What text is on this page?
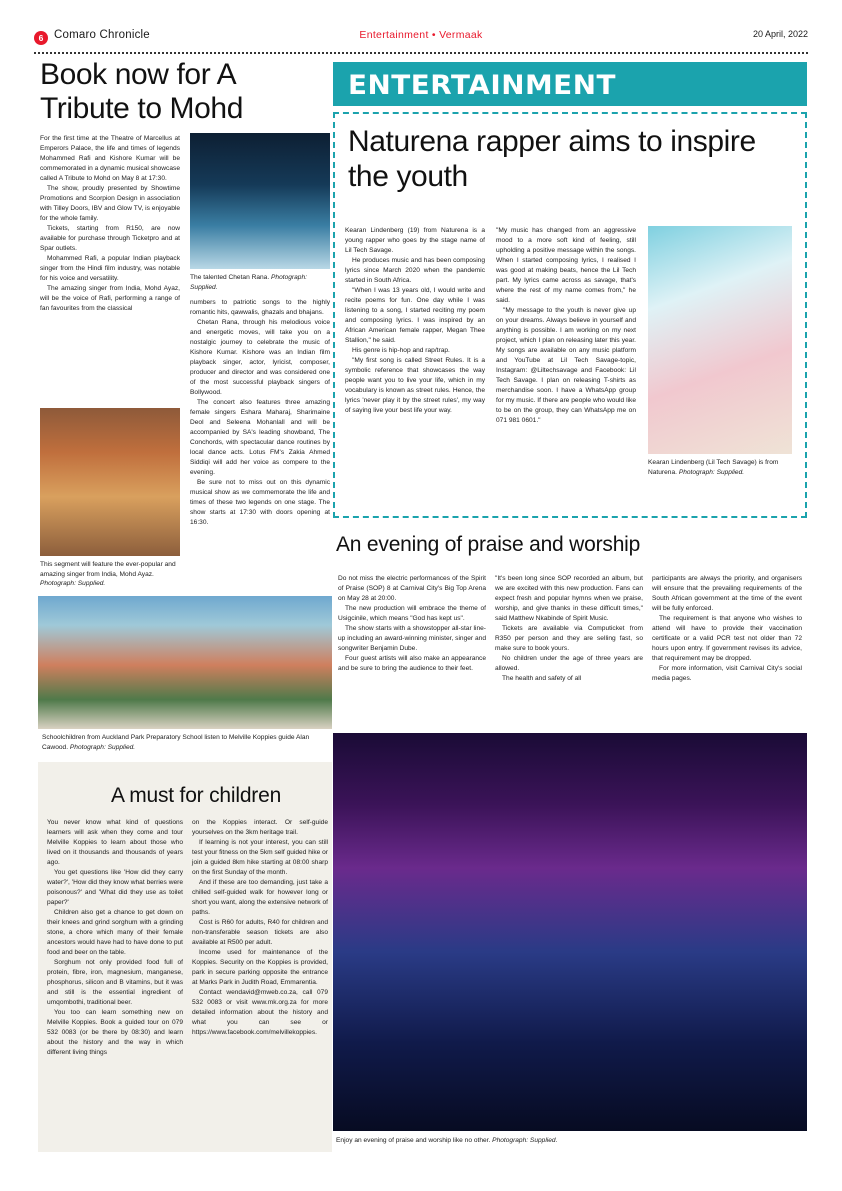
6 Comaro Chronicle	Entertainment • Vermaak	20 April, 2022
Book now for A Tribute to Mohd

For the first time at the Theatre of Marcellus at Emperors Palace, the life and times of legends Mohammed Rafi and Kishore Kumar will be commemorated in a dynamic musical showcase called A Tribute to Mohd on May 8 at 17:30.

The show, proudly presented by Showtime Promotions and Scorpion Design in association with Tilley Doors, IBV and Glow TV, is enjoyable for the whole family.

Tickets, starting from R150, are now available for purchase through Ticketpro and at Spar outlets.

Mohammed Rafi, a popular Indian playback singer from the Hindi film industry, was notable for his voice and versatility.

The amazing singer from India, Mohd Ayaz, will be the voice of Rafi, performing a range of fan favourites from the classical

The talented Chetan Rana. Photograph: Supplied.

numbers to patriotic songs to the highly romantic hits, qawwalis, ghazals and bhajans.

Chetan Rana, through his melodious voice and energetic moves, will take you on a nostalgic journey to celebrate the music of Kishore Kumar. Kishore was an Indian film playback singer, actor, lyricist, composer, producer and director and was considered one of the most successful playback singers of Bollywood.

The concert also features three amazing female singers Eshara Maharaj, Sharimaine Deol and Seleena Mohanlall and will be accompanied by SA's leading showband, The Conchords, with spectacular dance routines by local dance acts. Lotus FM's Zakia Ahmed Siddiqi will add her voice as compere to the evening.

Be sure not to miss out on this dynamic musical show as we commemorate the life and times of these two legends on one stage. The show starts at 17:30 with doors opening at 16:30.

This segment will feature the ever-popular and amazing singer from India, Mohd Ayaz. Photograph: Supplied.
ENTERTAINMENT
Naturena rapper aims to inspire the youth

Kearan Lindenberg (19) from Naturena is a young rapper who goes by the stage name of Lil Tech Savage.

He produces music and has been composing lyrics since March 2020 when the pandemic started in South Africa.

"When I was 13 years old, I would write and recite poems for fun. One day while I was listening to a song, I started reciting my poem and composing lyrics. I was inspired by an African American female rapper, Megan Thee Stallion," he said.

His genre is hip-hop and rap/trap.

"My first song is called Street Rules. It is a symbolic reference that showcases the way people want you to live your life, which in my vocabulary is known as street rules. Hence, the lyrics 'never play it by the street rules', my way of saying live your best life your way.

"My music has changed from an aggressive mood to a more soft kind of feeling, still upholding a positive message within the songs. When I started composing lyrics, I realised I was good at making beats, hence the Lil Tech part. My lyrics came across as savage, that's where the rest of my name comes from," he said.

"My message to the youth is never give up on your dreams. Always believe in yourself and anything is possible. I am working on my next project, which I plan on releasing later this year. My songs are available on any music platform and YouTube at Lil Tech Savage-topic, Instagram: @Liltechsavage and Facebook: Lil Tech Savage. I plan on releasing T-shirts as merchandise soon. I have a WhatsApp group for my music. If there are people who would like to be on the group, they can WhatsApp me on 071 981 0601."

Kearan Lindenberg (Lil Tech Savage) is from Naturena. Photograph: Supplied.
An evening of praise and worship

Do not miss the electric performances of the Spirit of Praise (SOP) 8 at Carnival City's Big Top Arena on May 28 at 20:00.

The new production will embrace the theme of Usigcinile, which means "God has kept us".

The show starts with a showstopper all-star line-up including an award-winning minister, singer and songwriter Benjamin Dube.

Four guest artists will also make an appearance and be sure to bring the audience to their feet.

"It's been long since SOP recorded an album, but we are excited with this new production. Fans can expect fresh and popular hymns when we praise, worship, and give thanks in these difficult times," said Matthew Nkabinde of Spirit Music.

Tickets are available via Computicket from R350 per person and they are selling fast, so make sure to book yours.

No children under the age of three years are allowed.

The health and safety of all

participants are always the priority, and organisers will ensure that the prevailing requirements of the South African government at the time of the event will be fully enforced.

The requirement is that anyone who wishes to attend will have to provide their vaccination certificate or a valid PCR test not older than 72 hours upon entry. If government revises its advice, that requirement may be dropped.

For more information, visit Carnival City's social media pages.

Enjoy an evening of praise and worship like no other. Photograph: Supplied.
Schoolchildren from Auckland Park Preparatory School listen to Melville Koppies guide Alan Cawood. Photograph: Supplied.
A must for children

You never know what kind of questions learners will ask when they come and tour Melville Koppies to learn about those who lived on it thousands and thousands of years ago.

You get questions like 'How did they carry water?', 'How did they know what berries were poisonous?' and 'What did they use as toilet paper?'

Children also get a chance to get down on their knees and grind sorghum with a grinding stone, a chore which many of their female ancestors would have had to have done to put food and beer on the table.

Sorghum not only provided food full of protein, fibre, iron, magnesium, manganese, phosphorus, silicon and B vitamins, but it was and still is the essential ingredient of umqombothi, traditional beer.

You too can learn something new on Melville Koppies. Book a guided tour on 079 532 0083 (or be there by 08:30) and learn about the history and the way in which different living things

on the Koppies interact. Or self-guide yourselves on the 3km heritage trail.

If learning is not your interest, you can still test your fitness on the 5km self guided hike or join a guided 8km hike starting at 08:00 sharp on the first Sunday of the month.

And if these are too demanding, just take a chilled self-guided walk for however long or short you want, along the extensive network of paths.

Cost is R60 for adults, R40 for children and non-transferable season tickets are also available at R500 per adult.

Income used for maintenance of the Koppies. Security on the Koppies is provided, park in secure parking opposite the entrance at Marks Park in Judith Road, Emmarentia.

Contact wendavid@mweb.co.za, call 079 532 0083 or visit www.mk.org.za for more detailed information about the history and what you can see or https://www.facebook.com/melvillekoppies.
